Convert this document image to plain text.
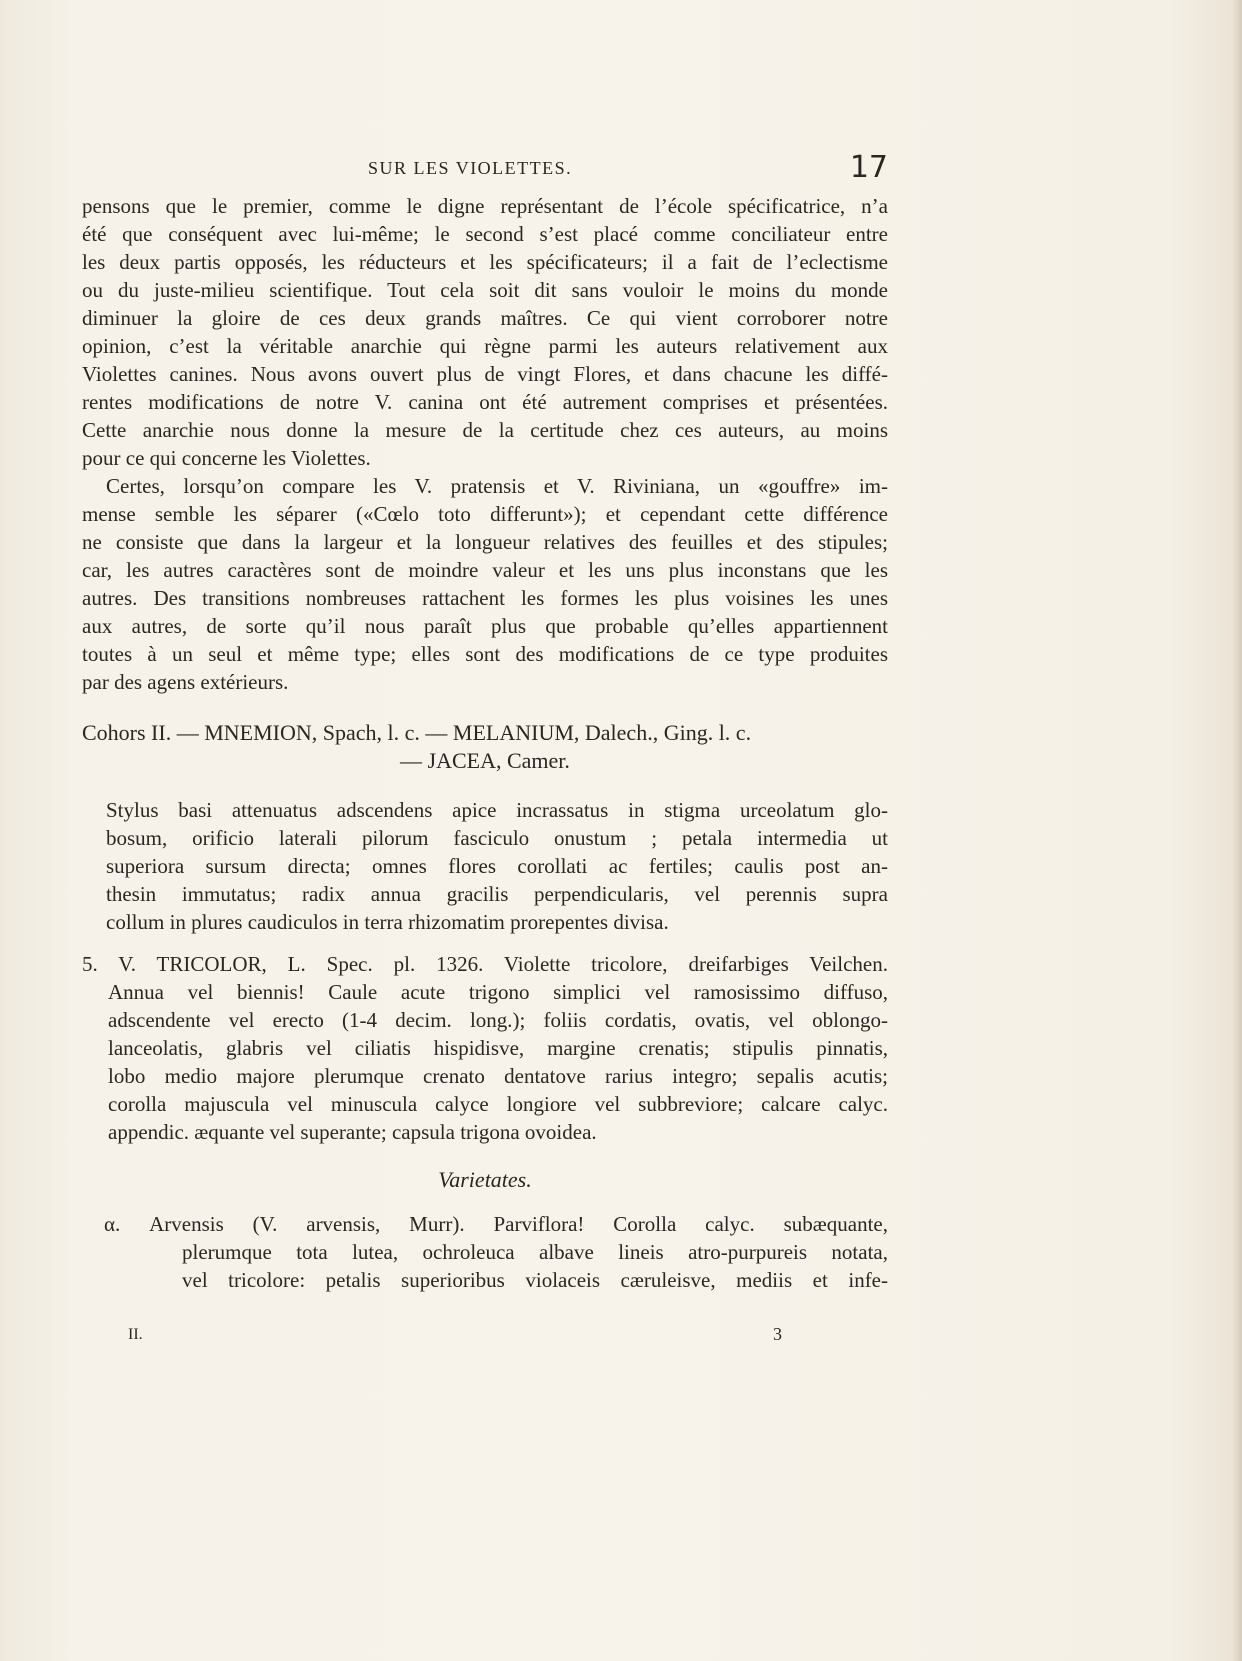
SUR LES VIOLETTES.	17
pensons que le premier, comme le digne représentant de l’école spécificatrice, n’a
été que conséquent avec lui-même; le second s’est placé comme conciliateur entre
les deux partis opposés, les réducteurs et les spécificateurs; il a fait de l’eclectisme
ou du juste-milieu scientifique. Tout cela soit dit sans vouloir le moins du monde
diminuer la gloire de ces deux grands maîtres. Ce qui vient corroborer notre
opinion, c’est la véritable anarchie qui règne parmi les auteurs relativement aux
Violettes canines. Nous avons ouvert plus de vingt Flores, et dans chacune les diffé-
rentes modifications de notre V. canina ont été autrement comprises et présentées.
Cette anarchie nous donne la mesure de la certitude chez ces auteurs, au moins
pour ce qui concerne les Violettes.
Certes, lorsqu’on compare les V. pratensis et V. Riviniana, un «gouffre» im-
mense semble les séparer («Cœlo toto differunt»); et cependant cette différence
ne consiste que dans la largeur et la longueur relatives des feuilles et des stipules;
car, les autres caractères sont de moindre valeur et les uns plus inconstans que les
autres. Des transitions nombreuses rattachent les formes les plus voisines les unes
aux autres, de sorte qu’il nous paraît plus que probable qu’elles appartiennent
toutes à un seul et même type; elles sont des modifications de ce type produites
par des agens extérieurs.
Cohors II. — MNEMION, Spach, l. c. — MELANIUM, Dalech., Ging. l. c.
— JACEA, Camer.
Stylus basi attenuatus adscendens apice incrassatus in stigma urceolatum glo-
bosum, orificio laterali pilorum fasciculo onustum ; petala intermedia ut
superiora sursum directa; omnes flores corollati ac fertiles; caulis post an-
thesin immutatus; radix annua gracilis perpendicularis, vel perennis supra
collum in plures caudiculos in terra rhizomatim prorepentes divisa.
5. V. TRICOLOR, L. Spec. pl. 1326. Violette tricolore, dreifarbiges Veilchen.
Annua vel biennis! Caule acute trigono simplici vel ramosissimo diffuso,
adscendente vel erecto (1-4 decim. long.); foliis cordatis, ovatis, vel oblongo-
lanceolatis, glabris vel ciliatis hispidisve, margine crenatis; stipulis pinnatis,
lobo medio majore plerumque crenato dentatove rarius integro; sepalis acutis;
corolla majuscula vel minuscula calyce longiore vel subbreviore; calcare calyc.
appendic. æquante vel superante; capsula trigona ovoidea.
Varietates.
α. Arvensis (V. arvensis, Murr). Parviflora! Corolla calyc. subæquante,
plerumque tota lutea, ochroleuca albave lineis atro-purpureis notata,
vel tricolore: petalis superioribus violaceis cæruleisve, mediis et infe-
II.	3
